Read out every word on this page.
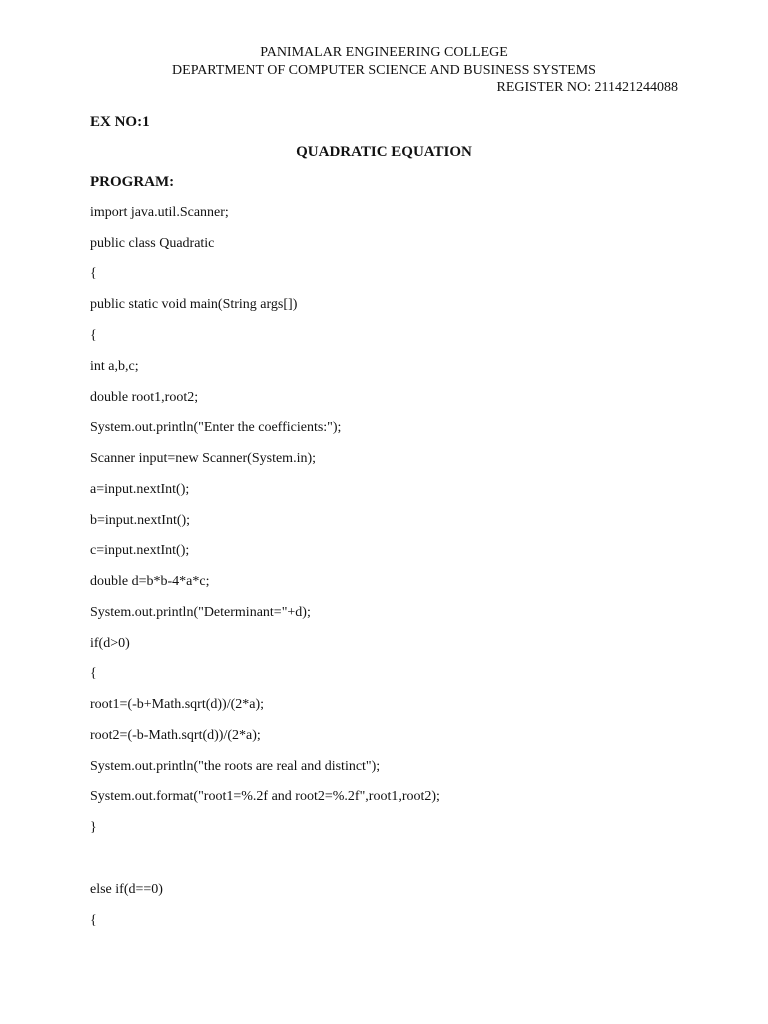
PANIMALAR ENGINEERING COLLEGE
DEPARTMENT OF COMPUTER SCIENCE AND BUSINESS SYSTEMS
REGISTER NO: 211421244088
EX NO:1
QUADRATIC EQUATION
PROGRAM:
import java.util.Scanner;
public class Quadratic
{
public static void main(String args[])
{
int a,b,c;
double root1,root2;
System.out.println("Enter the coefficients:");
Scanner input=new Scanner(System.in);
a=input.nextInt();
b=input.nextInt();
c=input.nextInt();
double d=b*b-4*a*c;
System.out.println("Determinant="+d);
if(d>0)
{
root1=(-b+Math.sqrt(d))/(2*a);
root2=(-b-Math.sqrt(d))/(2*a);
System.out.println("the roots are real and distinct");
System.out.format("root1=%.2f and root2=%.2f",root1,root2);
}
else if(d==0)
{
